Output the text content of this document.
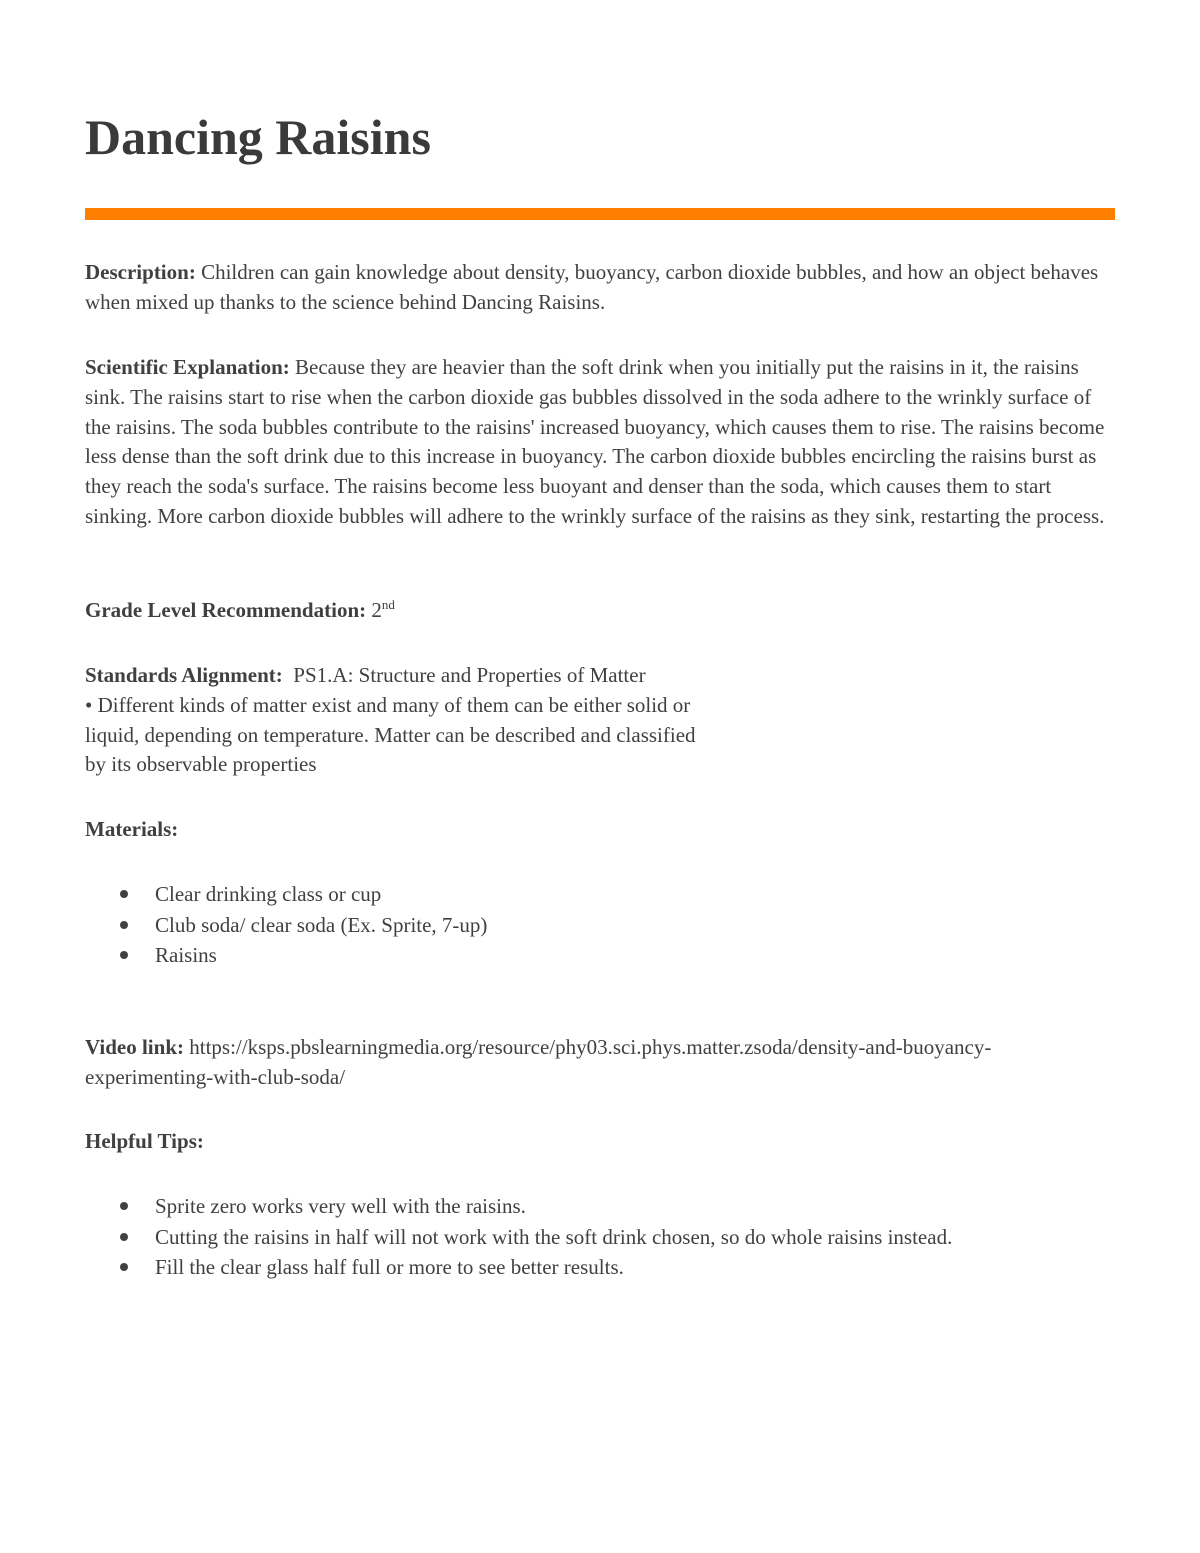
Dancing Raisins

Description: Children can gain knowledge about density, buoyancy, carbon dioxide bubbles, and how an object behaves when mixed up thanks to the science behind Dancing Raisins.

Scientific Explanation: Because they are heavier than the soft drink when you initially put the raisins in it, the raisins sink. The raisins start to rise when the carbon dioxide gas bubbles dissolved in the soda adhere to the wrinkly surface of the raisins. The soda bubbles contribute to the raisins' increased buoyancy, which causes them to rise. The raisins become less dense than the soft drink due to this increase in buoyancy. The carbon dioxide bubbles encircling the raisins burst as they reach the soda's surface. The raisins become less buoyant and denser than the soda, which causes them to start sinking. More carbon dioxide bubbles will adhere to the wrinkly surface of the raisins as they sink, restarting the process.

Grade Level Recommendation: 2nd

Standards Alignment:  PS1.A: Structure and Properties of Matter
• Different kinds of matter exist and many of them can be either solid or
liquid, depending on temperature. Matter can be described and classified
by its observable properties

Materials:

Clear drinking class or cup
Club soda/ clear soda (Ex. Sprite, 7-up)
Raisins

Video link: https://ksps.pbslearningmedia.org/resource/phy03.sci.phys.matter.zsoda/density-and-buoyancy-
experimenting-with-club-soda/

Helpful Tips:

Sprite zero works very well with the raisins.
Cutting the raisins in half will not work with the soft drink chosen, so do whole raisins instead.
Fill the clear glass half full or more to see better results.
